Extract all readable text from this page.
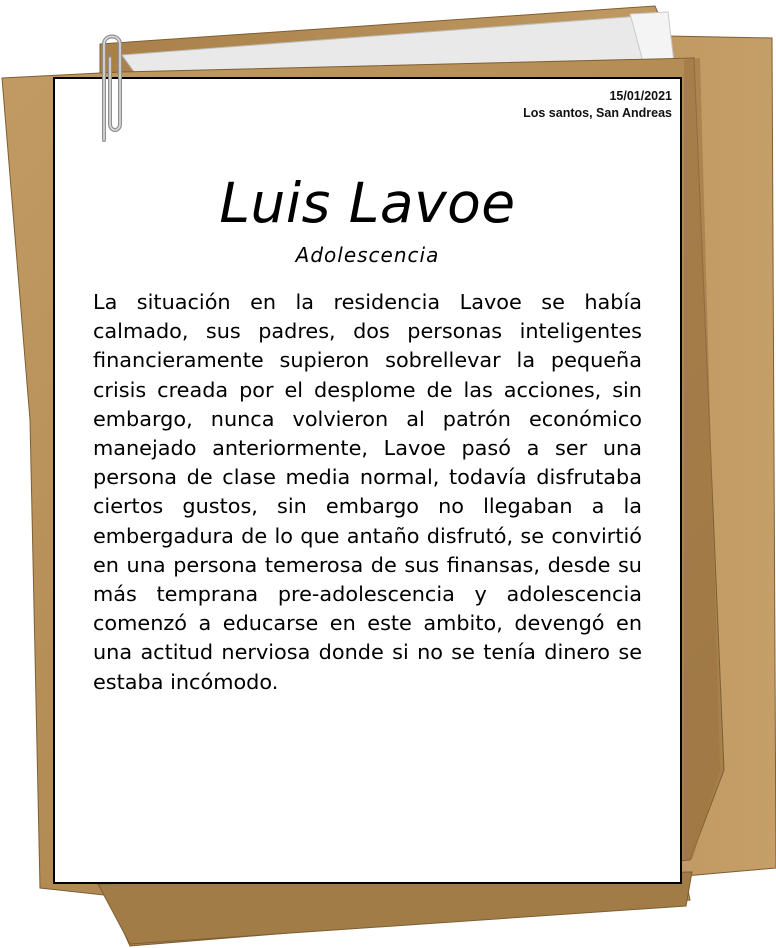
15/01/2021
Los santos, San Andreas
Luis Lavoe
Adolescencia
La situación en la residencia Lavoe se había calmado, sus padres, dos personas inteligentes financieramente supieron sobrellevar la pequeña crisis creada por el desplome de las acciones, sin embargo, nunca volvieron al patrón económico manejado anteriormente, Lavoe pasó a ser una persona de clase media normal, todavía disfrutaba ciertos gustos, sin embargo no llegaban a la embergadura de lo que antaño disfrutó, se convirtió en una persona temerosa de sus finansas, desde su más temprana pre-adolescencia y adolescencia comenzó a educarse en este ambito, devengó en una actitud nerviosa donde si no se tenía dinero se estaba incómodo.
